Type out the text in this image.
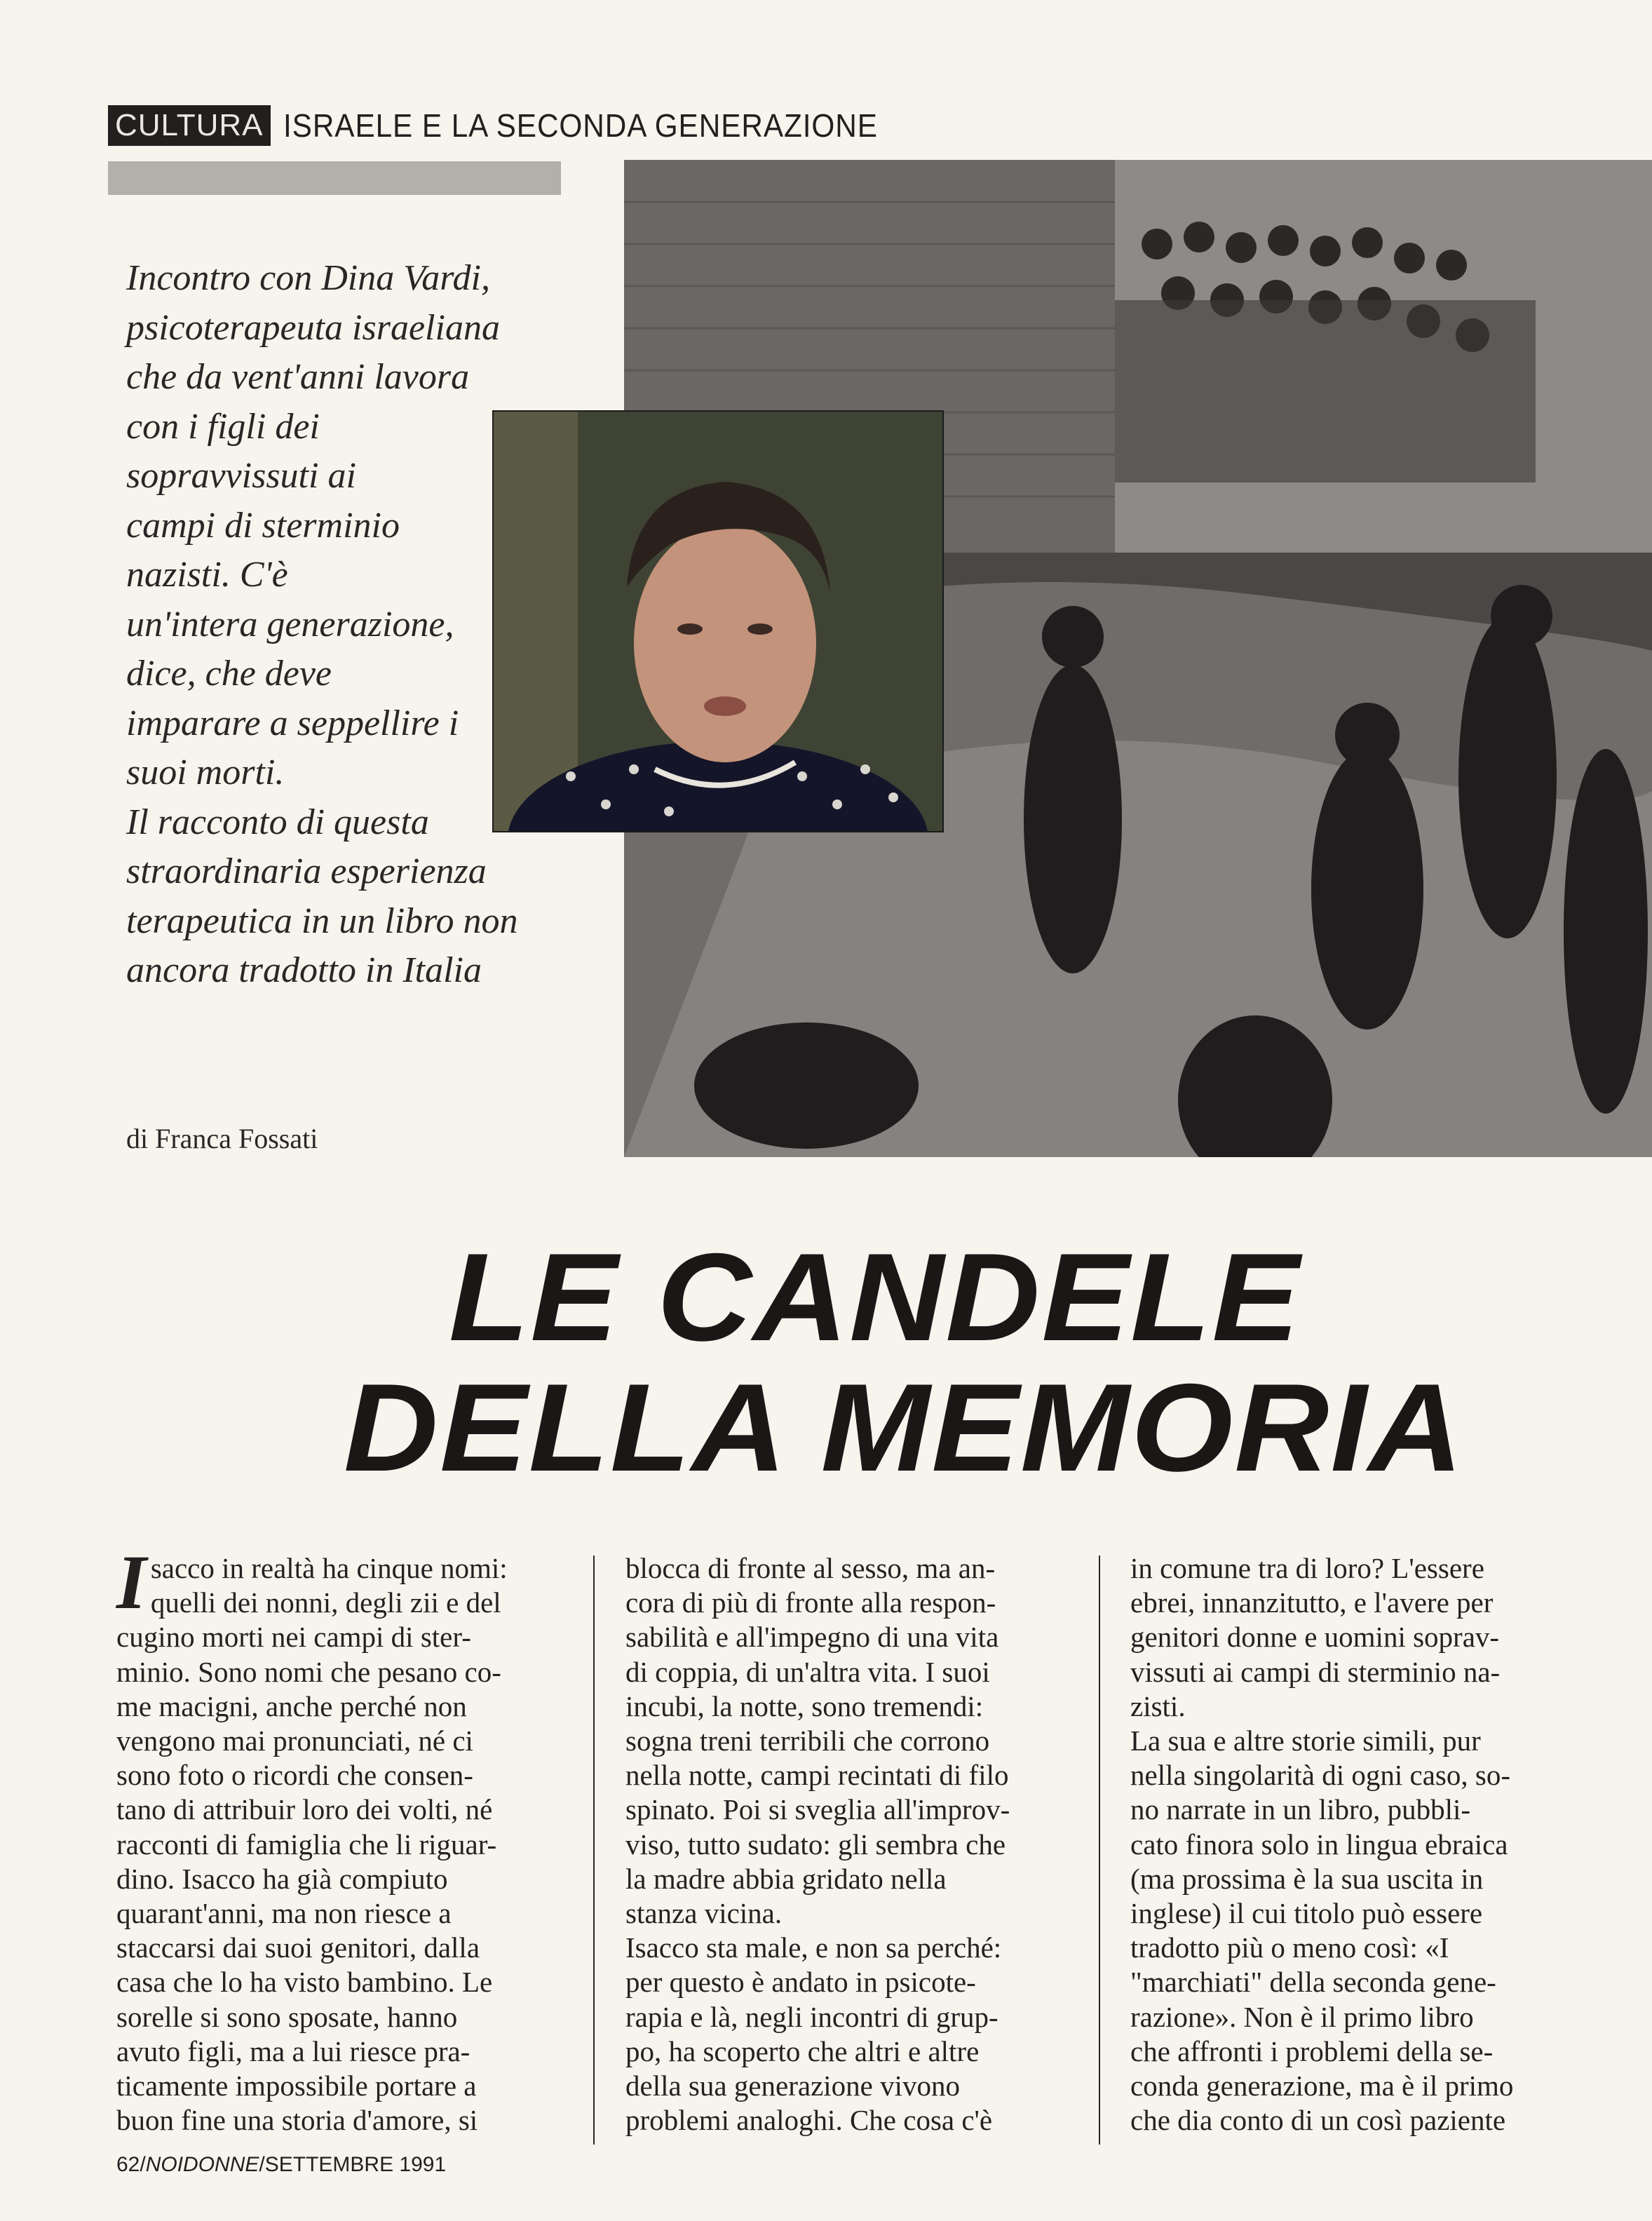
CULTURA ISRAELE E LA SECONDA GENERAZIONE
Incontro con Dina Vardi,
psicoterapeuta israeliana
che da vent'anni lavora
con i figli dei
sopravvissuti ai
campi di sterminio
nazisti. C'è
un'intera generazione,
dice, che deve
imparare a seppellire i
suoi morti.
Il racconto di questa
straordinaria esperienza
terapeutica in un libro non
ancora tradotto in Italia
di Franca Fossati
LE CANDELE
DELLA MEMORIA
I sacco in realtà ha cinque nomi:
quelli dei nonni, degli zii e del
cugino morti nei campi di ster-
minio. Sono nomi che pesano co-
me macigni, anche perché non
vengono mai pronunciati, né ci
sono foto o ricordi che consen-
tano di attribuir loro dei volti, né
racconti di famiglia che li riguar-
dino. Isacco ha già compiuto
quarant'anni, ma non riesce a
staccarsi dai suoi genitori, dalla
casa che lo ha visto bambino. Le
sorelle si sono sposate, hanno
avuto figli, ma a lui riesce pra-
ticamente impossibile portare a
buon fine una storia d'amore, si
blocca di fronte al sesso, ma an-
cora di più di fronte alla respon-
sabilità e all'impegno di una vita
di coppia, di un'altra vita. I suoi
incubi, la notte, sono tremendi:
sogna treni terribili che corrono
nella notte, campi recintati di filo
spinato. Poi si sveglia all'improv-
viso, tutto sudato: gli sembra che
la madre abbia gridato nella
stanza vicina.
Isacco sta male, e non sa perché:
per questo è andato in psicote-
rapia e là, negli incontri di grup-
po, ha scoperto che altri e altre
della sua generazione vivono
problemi analoghi. Che cosa c'è
in comune tra di loro? L'essere
ebrei, innanzitutto, e l'avere per
genitori donne e uomini soprav-
vissuti ai campi di sterminio na-
zisti.
La sua e altre storie simili, pur
nella singolarità di ogni caso, so-
no narrate in un libro, pubbli-
cato finora solo in lingua ebraica
(ma prossima è la sua uscita in
inglese) il cui titolo può essere
tradotto più o meno così: «I
"marchiati" della seconda gene-
razione». Non è il primo libro
che affronti i problemi della se-
conda generazione, ma è il primo
che dia conto di un così paziente
62/NOIDONNE/SETTEMBRE 1991
